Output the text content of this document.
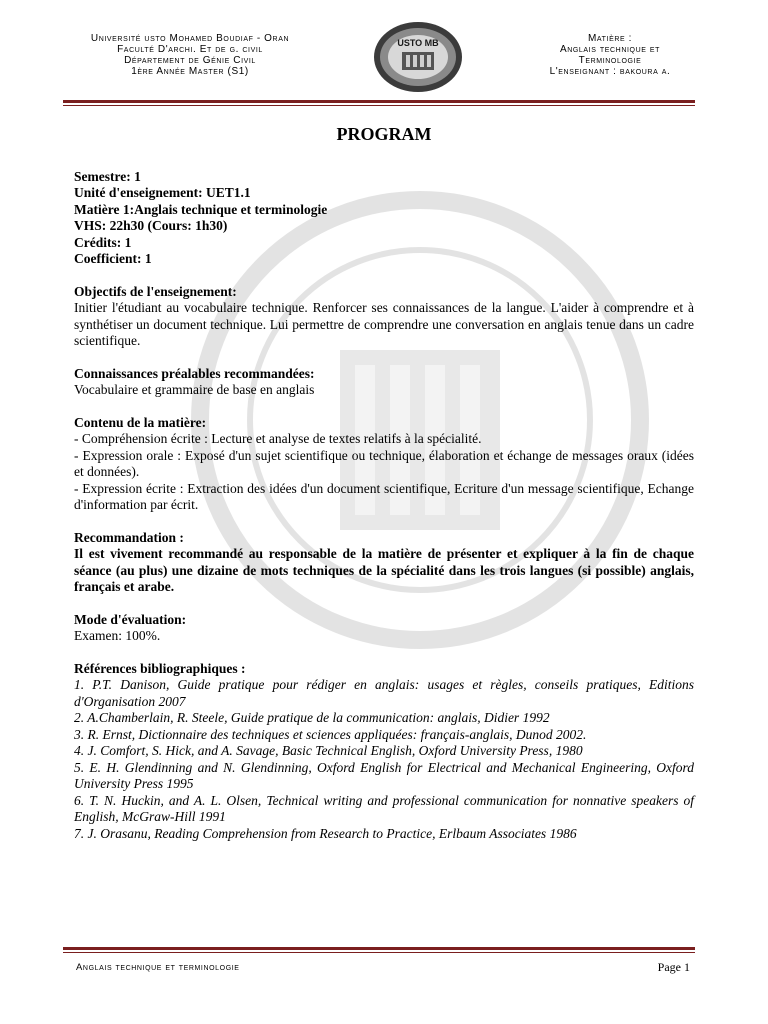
Université usto Mohamed Boudiaf - Oran
Faculté D'archi. Et de g. civil
Département de Génie Civil
1ère Année Master (S1)
USTO MB	Matière :
Anglais technique et
Terminologie
L'enseignant : bakoura a.
PROGRAM
Semestre: 1
Unité d'enseignement: UET1.1
Matière 1:Anglais technique et terminologie
VHS: 22h30 (Cours: 1h30)
Crédits: 1
Coefficient: 1
Objectifs de l'enseignement:
Initier l'étudiant au vocabulaire technique. Renforcer ses connaissances de la langue. L'aider à comprendre et à synthétiser un document technique. Lui permettre de comprendre une conversation en anglais tenue dans un cadre scientifique.
Connaissances préalables recommandées:
Vocabulaire et grammaire de base en anglais
Contenu de la matière:
- Compréhension écrite : Lecture et analyse de textes relatifs à la spécialité.
- Expression orale : Exposé d'un sujet scientifique ou technique, élaboration et échange de messages oraux (idées et données).
- Expression écrite : Extraction des idées d'un document scientifique, Ecriture d'un message scientifique, Echange d'information par écrit.
Recommandation :
Il est vivement recommandé au responsable de la matière de présenter et expliquer à la fin de chaque séance (au plus) une dizaine de mots techniques de la spécialité dans les trois langues (si possible) anglais, français et arabe.
Mode d'évaluation:
Examen: 100%.
Références bibliographiques :
1. P.T. Danison, Guide pratique pour rédiger en anglais: usages et règles, conseils pratiques, Editions d'Organisation 2007
2. A.Chamberlain, R. Steele, Guide pratique de la communication: anglais, Didier 1992
3. R. Ernst, Dictionnaire des techniques et sciences appliquées: français-anglais, Dunod 2002.
4. J. Comfort, S. Hick, and A. Savage, Basic Technical English, Oxford University Press, 1980
5. E. H. Glendinning and N. Glendinning, Oxford English for Electrical and Mechanical Engineering, Oxford University Press 1995
6. T. N. Huckin, and A. L. Olsen, Technical writing and professional communication for nonnative speakers of English, McGraw-Hill 1991
7. J. Orasanu, Reading Comprehension from Research to Practice, Erlbaum Associates 1986
Anglais technique et terminologie	Page 1
